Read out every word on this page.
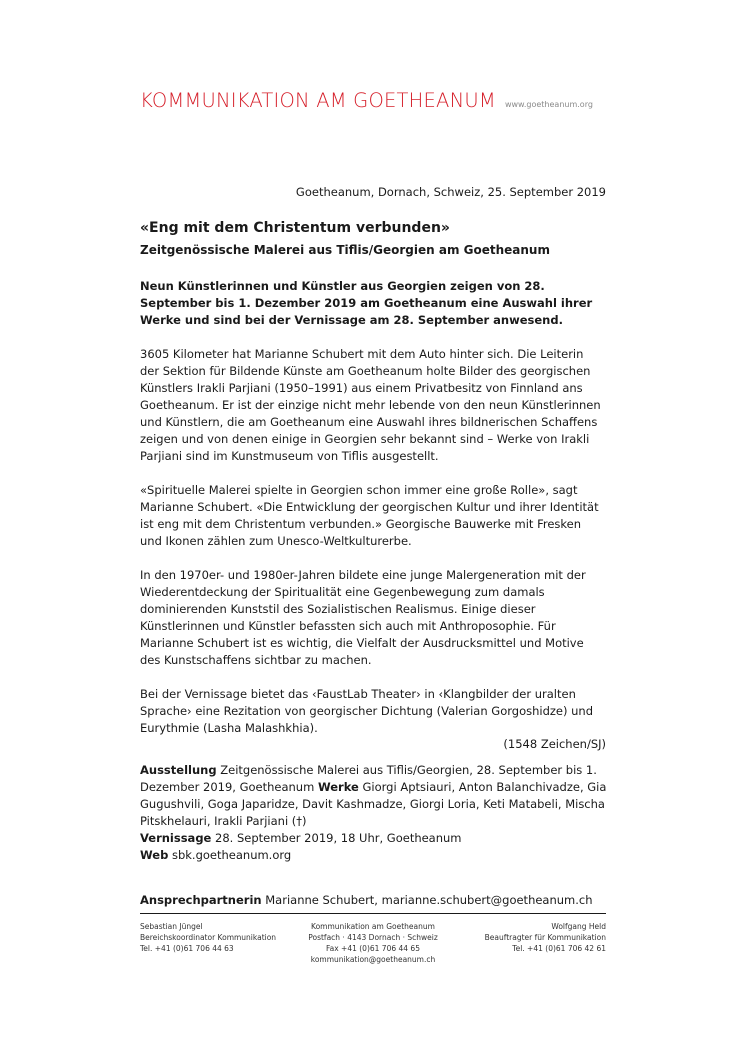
KOMMUNIKATION AM GOETHEANUM www.goetheanum.org
Goetheanum, Dornach, Schweiz, 25. September 2019
«Eng mit dem Christentum verbunden»
Zeitgenössische Malerei aus Tiflis/Georgien am Goetheanum
Neun Künstlerinnen und Künstler aus Georgien zeigen von 28. September bis 1. Dezember 2019 am Goetheanum eine Auswahl ihrer Werke und sind bei der Vernissage am 28. September anwesend.
3605 Kilometer hat Marianne Schubert mit dem Auto hinter sich. Die Leiterin der Sektion für Bildende Künste am Goetheanum holte Bilder des georgischen Künstlers Irakli Parjiani (1950–1991) aus einem Privatbesitz von Finnland ans Goetheanum. Er ist der einzige nicht mehr lebende von den neun Künstlerinnen und Künstlern, die am Goetheanum eine Auswahl ihres bildnerischen Schaffens zeigen und von denen einige in Georgien sehr bekannt sind – Werke von Irakli Parjiani sind im Kunstmuseum von Tiflis ausgestellt.
«Spirituelle Malerei spielte in Georgien schon immer eine große Rolle», sagt Marianne Schubert. «Die Entwicklung der georgischen Kultur und ihrer Identität ist eng mit dem Christentum verbunden.» Georgische Bauwerke mit Fresken und Ikonen zählen zum Unesco-Weltkulturerbe.
In den 1970er- und 1980er-Jahren bildete eine junge Malergeneration mit der Wiederentdeckung der Spiritualität eine Gegenbewegung zum damals dominierenden Kunststil des Sozialistischen Realismus. Einige dieser Künstlerinnen und Künstler befassten sich auch mit Anthroposophie. Für Marianne Schubert ist es wichtig, die Vielfalt der Ausdrucksmittel und Motive des Kunstschaffens sichtbar zu machen.
Bei der Vernissage bietet das ‹FaustLab Theater› in ‹Klangbilder der uralten Sprache› eine Rezitation von georgischer Dichtung (Valerian Gorgoshidze) und Eurythmie (Lasha Malashkhia).
(1548 Zeichen/SJ)
Ausstellung Zeitgenössische Malerei aus Tiflis/Georgien, 28. September bis 1. Dezember 2019, Goetheanum Werke Giorgi Aptsiauri, Anton Balanchivadze, Gia Gugushvili, Goga Japaridze, Davit Kashmadze, Giorgi Loria, Keti Matabeli, Mischa Pitskhelauri, Irakli Parjiani (†)
Vernissage 28. September 2019, 18 Uhr, Goetheanum
Web sbk.goetheanum.org
Ansprechpartnerin Marianne Schubert, marianne.schubert@goetheanum.ch
Sebastian Jüngel
Bereichskoordinator Kommunikation
Tel. +41 (0)61 706 44 63
Kommunikation am Goetheanum
Postfach · 4143 Dornach · Schweiz
Fax +41 (0)61 706 44 65
kommunikation@goetheanum.ch
Wolfgang Held
Beauftragter für Kommunikation
Tel. +41 (0)61 706 42 61
